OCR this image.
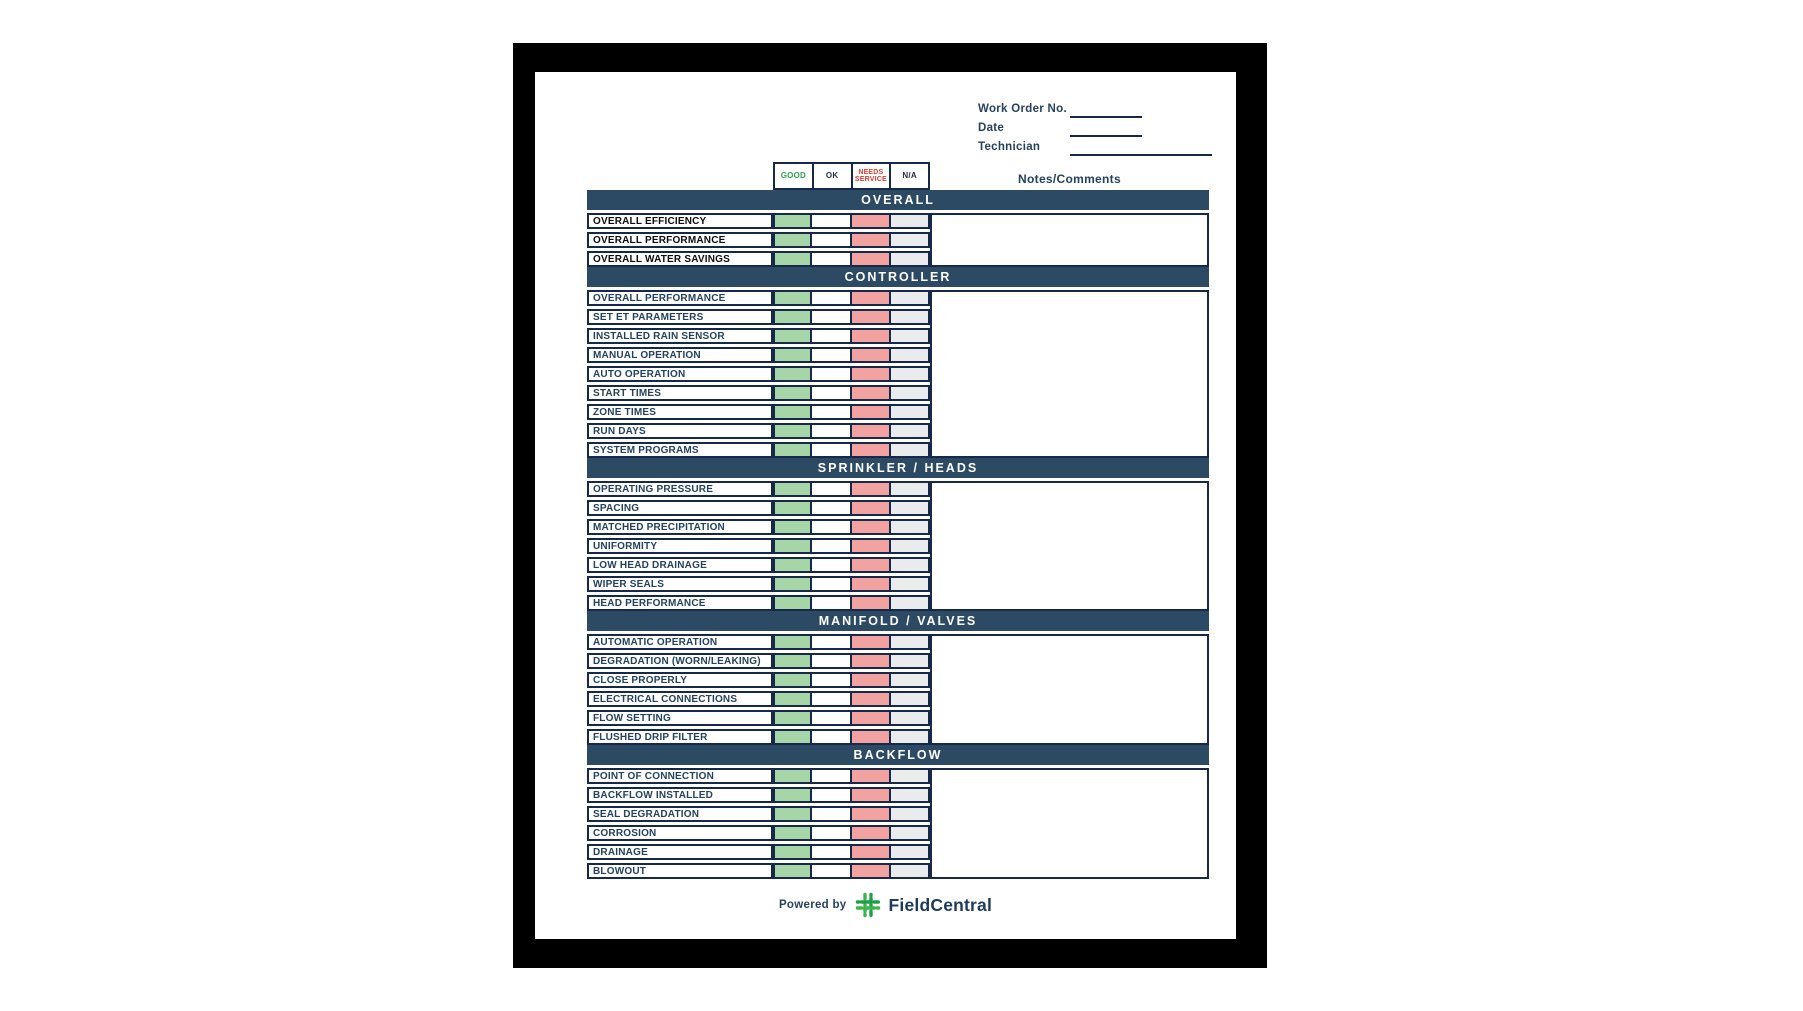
Work Order No.
Date
Technician
GOOD	OK	NEEDS SERVICE	N/A	Notes/Comments
OVERALL
OVERALL EFFICIENCY
OVERALL PERFORMANCE
OVERALL WATER SAVINGS
CONTROLLER
OVERALL PERFORMANCE
SET ET PARAMETERS
INSTALLED RAIN SENSOR
MANUAL OPERATION
AUTO OPERATION
START TIMES
ZONE TIMES
RUN DAYS
SYSTEM PROGRAMS
SPRINKLER / HEADS
OPERATING PRESSURE
SPACING
MATCHED PRECIPITATION
UNIFORMITY
LOW HEAD DRAINAGE
WIPER SEALS
HEAD PERFORMANCE
MANIFOLD / VALVES
AUTOMATIC OPERATION
DEGRADATION (WORN/LEAKING)
CLOSE PROPERLY
ELECTRICAL CONNECTIONS
FLOW SETTING
FLUSHED DRIP FILTER
BACKFLOW
POINT OF CONNECTION
BACKFLOW INSTALLED
SEAL DEGRADATION
CORROSION
DRAINAGE
BLOWOUT
Powered by FieldCentral
